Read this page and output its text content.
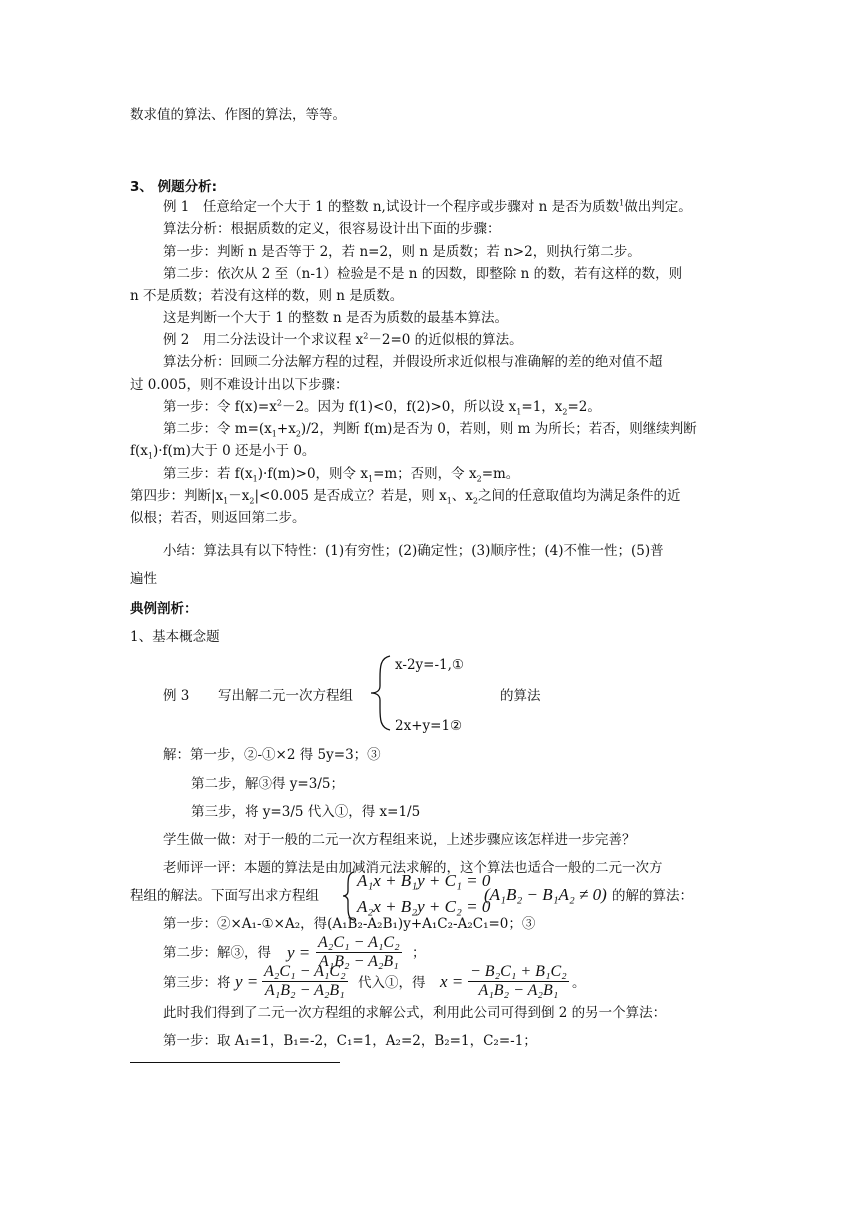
数求值的算法、作图的算法，等等。
3、 例题分析:
例 1　任意给定一个大于 1 的整数 n,试设计一个程序或步骤对 n 是否为质数$^1$做出判定。
算法分析：根据质数的定义，很容易设计出下面的步骤：
第一步：判断 n 是否等于 2，若 n=2，则 n 是质数；若 n>2，则执行第二步。
第二步：依次从 2 至（n-1）检验是不是 n 的因数，即整除 n 的数，若有这样的数，则
n 不是质数；若没有这样的数，则 n 是质数。
这是判断一个大于 1 的整数 n 是否为质数的最基本算法。
例 2　用二分法设计一个求议程 $x^2-2=0$ 的近似根的算法。
算法分析：回顾二分法解方程的过程，并假设所求近似根与准确解的差的绝对值不超
过 0.005，则不难设计出以下步骤：
第一步：令 $f(x)=x^2-2$。因为 f(1)<0，f(2)>0，所以设 $x_1=1$，$x_2=2$。
第二步：令 $m=(x_1+x_2)/2$，判断 f(m)是否为 0，若则，则 m 为所长；若否，则继续判断
$f(x_1)\cdot f(m)$大于 0 还是小于 0。
第三步：若 $f(x_1)\cdot f(m)>0$，则令 $x_1=m$；否则，令 $x_2=m$。
第四步：判断$|x_1-x_2|<0.005$ 是否成立？若是，则 $x_1$、$x_2$之间的任意取值均为满足条件的近
似根；若否，则返回第二步。
小结：算法具有以下特性：(1)有穷性；(2)确定性；(3)顺序性；(4)不惟一性；(5)普
遍性
典例剖析：
1、基本概念题
例 3 写出解二元一次方程组
x-2y=-1,①
2x+y=1②
的算法
解：第一步，②-①×2 得 5y=3；③
第二步，解③得 y=3/5；
第三步，将 y=3/5 代入①，得 x=1/5
学生做一做：对于一般的二元一次方程组来说，上述步骤应该怎样进一步完善？
老师评一评：本题的算法是由加减消元法求解的，这个算法也适合一般的二元一次方
程组的解法。下面写出求方程组
A₁x + B₁y + C₁ = 0
A₂x + B₂y + C₂ = 0
(A₁B₂ − B₁A₂ ≠ 0) 的解的算法：
第一步：②×A₁-①×A₂，得(A₁B₂-A₂B₁)y+A₁C₂-A₂C₁=0；③
第二步：解③，得 $y = \frac{\text{A₂C₁ − A₁C₂}}{\text{A₁B₂ − A₂B₁}}$ ；
第三步：将 $y = \frac{\text{A₂C₁ − A₁C₂}}{\text{A₁B₂ − A₂B₁}}$ 代入①，得 $x = \frac{\text{− B₂C₁ + B₁C₂}}{\text{A₁B₂ − A₂B₁}}$ 。
此时我们得到了二元一次方程组的求解公式，利用此公司可得到倒 2 的另一个算法：
第一步：取 A₁=1，B₁=-2，C₁=1，A₂=2，B₂=1，C₂=-1；
